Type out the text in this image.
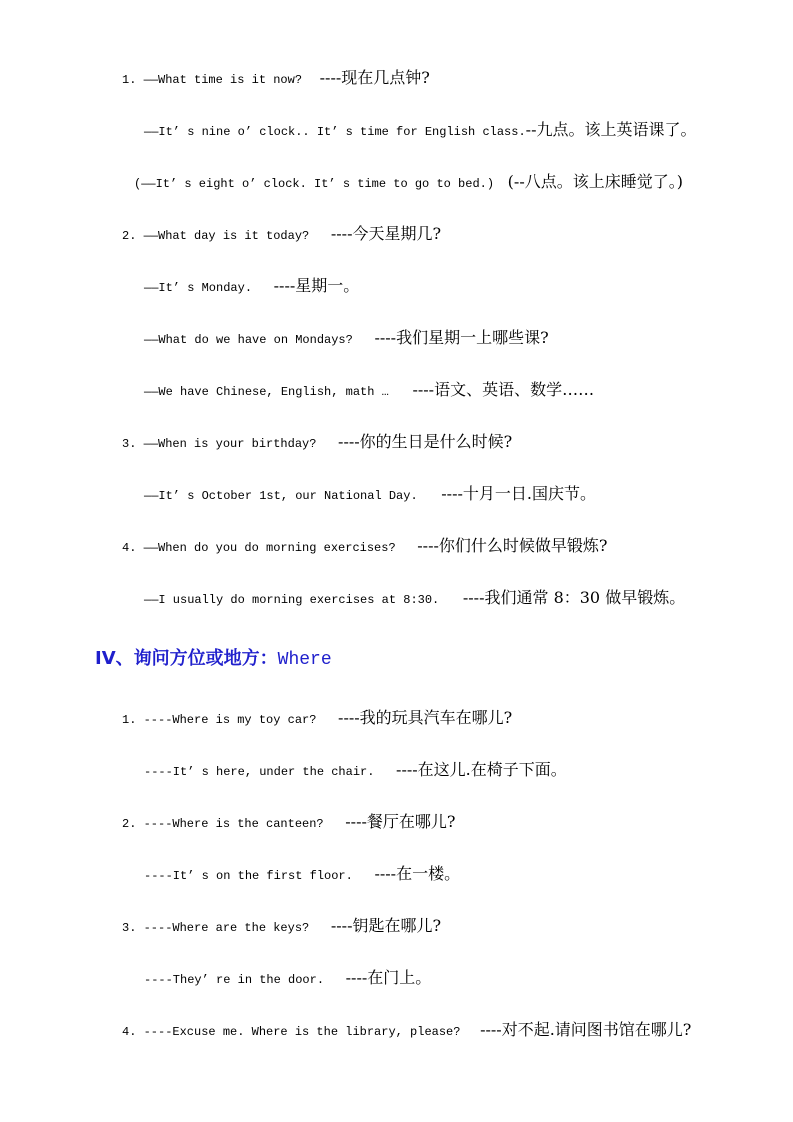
1. ——What time is it now? ----现在几点钟?
——It’ s nine o’ clock.. It’ s time for English class.--九点。该上英语课了。
(——It’ s eight o’ clock. It’ s time to go to bed.) (--八点。该上床睡觉了。)
2. ——What day is it today? ----今天星期几?
——It’ s Monday. ----星期一。
——What do we have on Mondays? ----我们星期一上哪些课?
——We have Chinese, English, math … ----语文、英语、数学……
3. ——When is your birthday? ----你的生日是什么时候?
——It’ s October 1st, our National Day. ----十月一日.国庆节。
4. ——When do you do morning exercises? ----你们什么时候做早锻炼?
——I usually do morning exercises at 8:30. ----我们通常 8：30 做早锻炼。
IV、询问方位或地方：Where
1. ----Where is my toy car? ----我的玩具汽车在哪儿?
----It’ s here, under the chair. ----在这儿.在椅子下面。
2. ----Where is the canteen? ----餐厅在哪儿?
----It’ s on the first floor. ----在一楼。
3. ----Where are the keys? ----钥匙在哪儿?
----They’ re in the door. ----在门上。
4. ----Excuse me. Where is the library, please? ----对不起.请问图书馆在哪儿?
